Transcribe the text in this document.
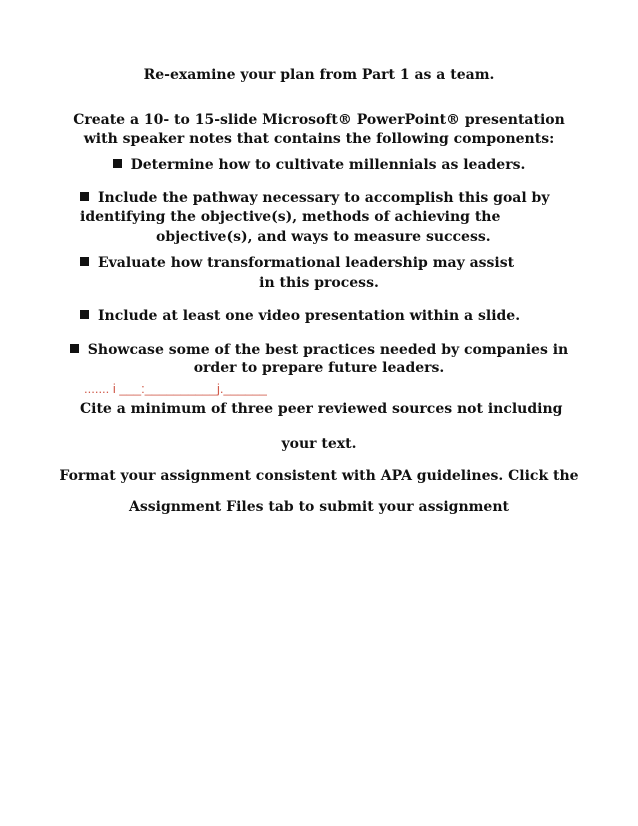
Re-examine your plan from Part 1 as a team.
Create a 10- to 15-slide Microsoft® PowerPoint® presentation
with speaker notes that contains the following components:
Determine how to cultivate millennials as leaders.
Include the pathway necessary to accomplish this goal by
identifying the objective(s), methods of achieving the
objective(s), and ways to measure success.
Evaluate how transformational leadership may assist
in this process.
Include at least one video presentation within a slide.
Showcase some of the best practices needed by companies in
order to prepare future leaders.
....... i ___:__________j.______
Cite a minimum of three peer reviewed sources not including
your text.
Format your assignment consistent with APA guidelines. Click the
Assignment Files tab to submit your assignment
